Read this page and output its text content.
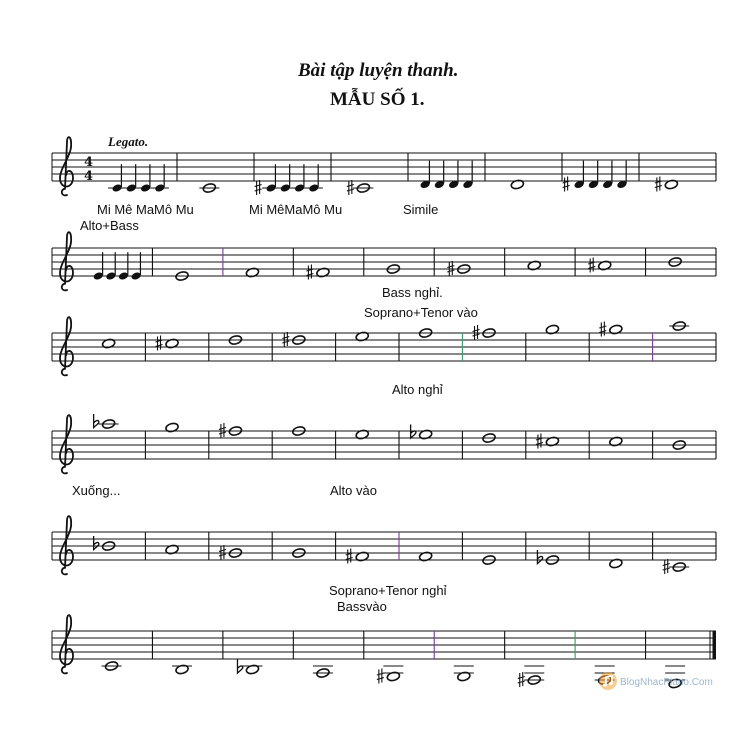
Bài tập luyện thanh.
MẪU SỐ 1.
Legato.
4
4
Mi Mê MaMô Mu	Mi MêMaMô Mu	Simile
Alto+Bass
Bass nghỉ.
Soprano+Tenor vào
Alto nghỉ
Xuống...	Alto vào
Soprano+Tenor nghỉ
Bassvào
BlogNhacPiano.Com
